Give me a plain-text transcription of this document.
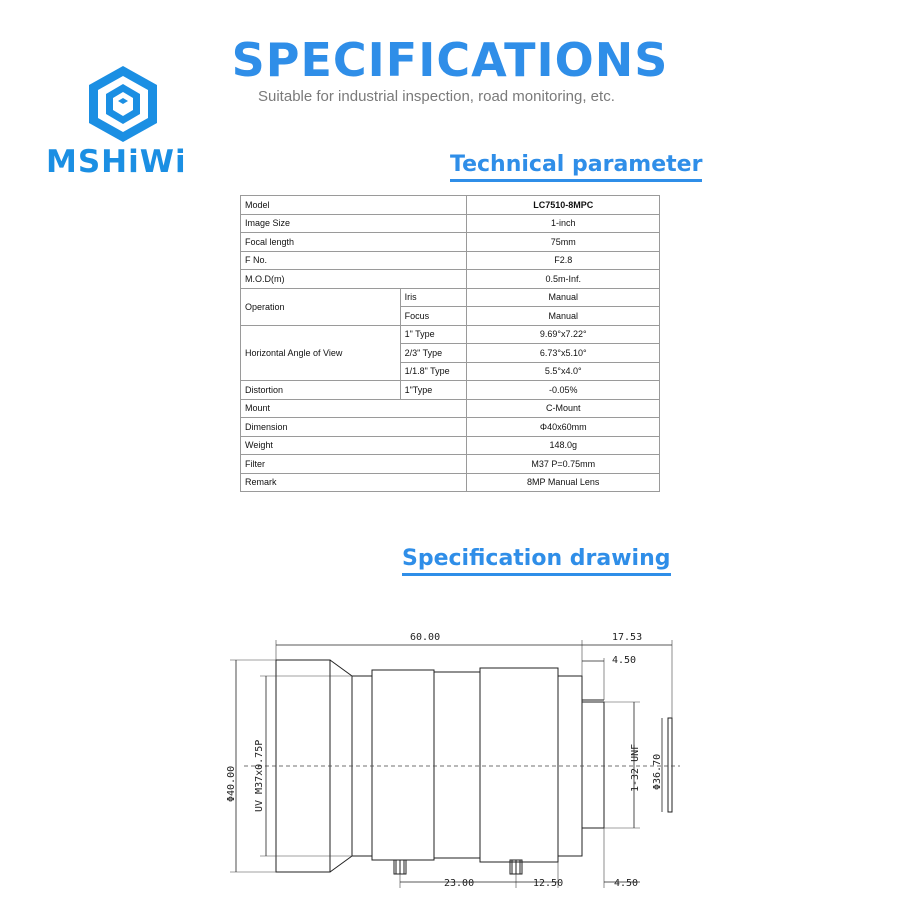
MSHiWi
SPECIFICATIONS
Suitable for industrial inspection, road monitoring, etc.
Technical parameter
Model		LC7510-8MPC
Image Size		1-inch
Focal length		75mm
F No.		F2.8
M.O.D(m)		0.5m-Inf.
Operation	Iris	Manual
	Focus	Manual
Horizontal Angle of View	1" Type	9.69°x7.22°
	2/3" Type	6.73°x5.10°
	1/1.8" Type	5.5°x4.0°
Distortion	1"Type	-0.05%
Mount		C-Mount
Dimension		Φ40x60mm
Weight		148.0g
Filter		M37 P=0.75mm
Remark		8MP Manual Lens
Specification drawing
60.00	17.53
4.50
Φ40.00 UV M37x0.75P	1-32 UNF Φ36.70
23.00	12.50	4.50
